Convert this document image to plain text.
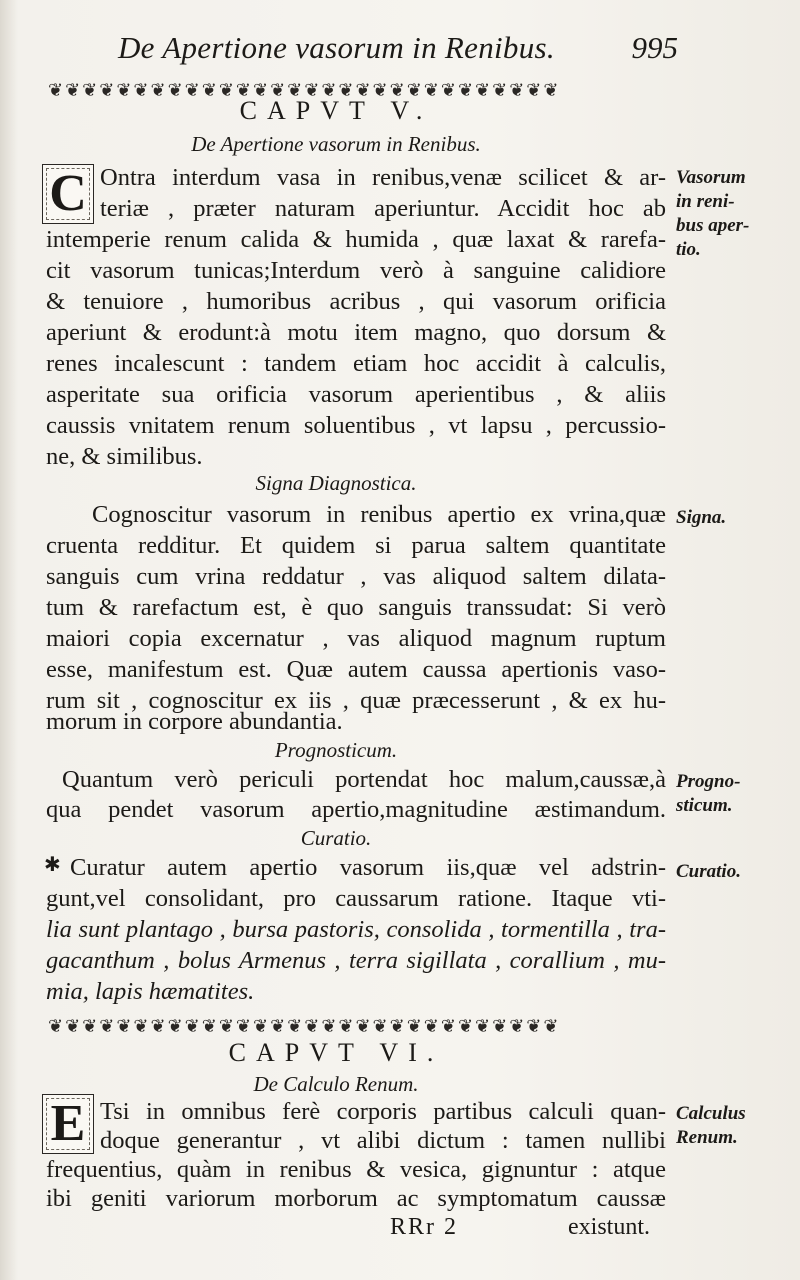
De Apertione vasorum in Renibus. 995
❦❦❦❦❦❦❦❦❦❦❦❦❦❦❦❦❦❦❦❦❦❦❦❦❦❦❦❦❦❦
CAPVT V.
De Apertione vasorum in Renibus.
C Ontra interdum vasa in renibus,venæ scilicet & ar-
teriæ , præter naturam aperiuntur. Accidit hoc ab
intemperie renum calida & humida , quæ laxat & rarefa-
cit vasorum tunicas;Interdum verò à sanguine calidiore
& tenuiore , humoribus acribus , qui vasorum orificia
aperiunt & erodunt:à motu item magno, quo dorsum &
renes incalescunt : tandem etiam hoc accidit à calculis,
asperitate sua orificia vasorum aperientibus , & aliis
caussis vnitatem renum soluentibus , vt lapsu , percussio-
ne, & similibus.
Signa Diagnostica.
Cognoscitur vasorum in renibus apertio ex vrina,quæ
cruenta redditur. Et quidem si parua saltem quantitate
sanguis cum vrina reddatur , vas aliquod saltem dilata-
tum & rarefactum est, è quo sanguis transsudat: Si verò
maiori copia excernatur , vas aliquod magnum ruptum
esse, manifestum est. Quæ autem caussa apertionis vaso-
rum sit , cognoscitur ex iis , quæ præcesserunt , & ex hu-
morum in corpore abundantia.
Prognosticum.
Quantum verò periculi portendat hoc malum,caussæ,à
qua pendet vasorum apertio,magnitudine æstimandum.
Curatio.
✱ Curatur autem apertio vasorum iis,quæ vel adstrin-
gunt,vel consolidant, pro caussarum ratione. Itaque vti-
lia sunt plantago , bursa pastoris, consolida , tormentilla , tra-
gacanthum , bolus Armenus , terra sigillata , corallium , mu-
mia, lapis hæmatites.
❦❦❦❦❦❦❦❦❦❦❦❦❦❦❦❦❦❦❦❦❦❦❦❦❦❦❦❦❦❦
CAPVT VI.
De Calculo Renum.
E Tsi in omnibus ferè corporis partibus calculi quan-
doque generantur , vt alibi dictum : tamen nullibi
frequentius, quàm in renibus & vesica, gignuntur : atque
ibi geniti variorum morborum ac symptomatum caussæ
Vasorum
in reni-
bus aper-
tio.
Signa.
Progno-
sticum.
Curatio.
Calculus
Renum.
RRr 2	existunt.
